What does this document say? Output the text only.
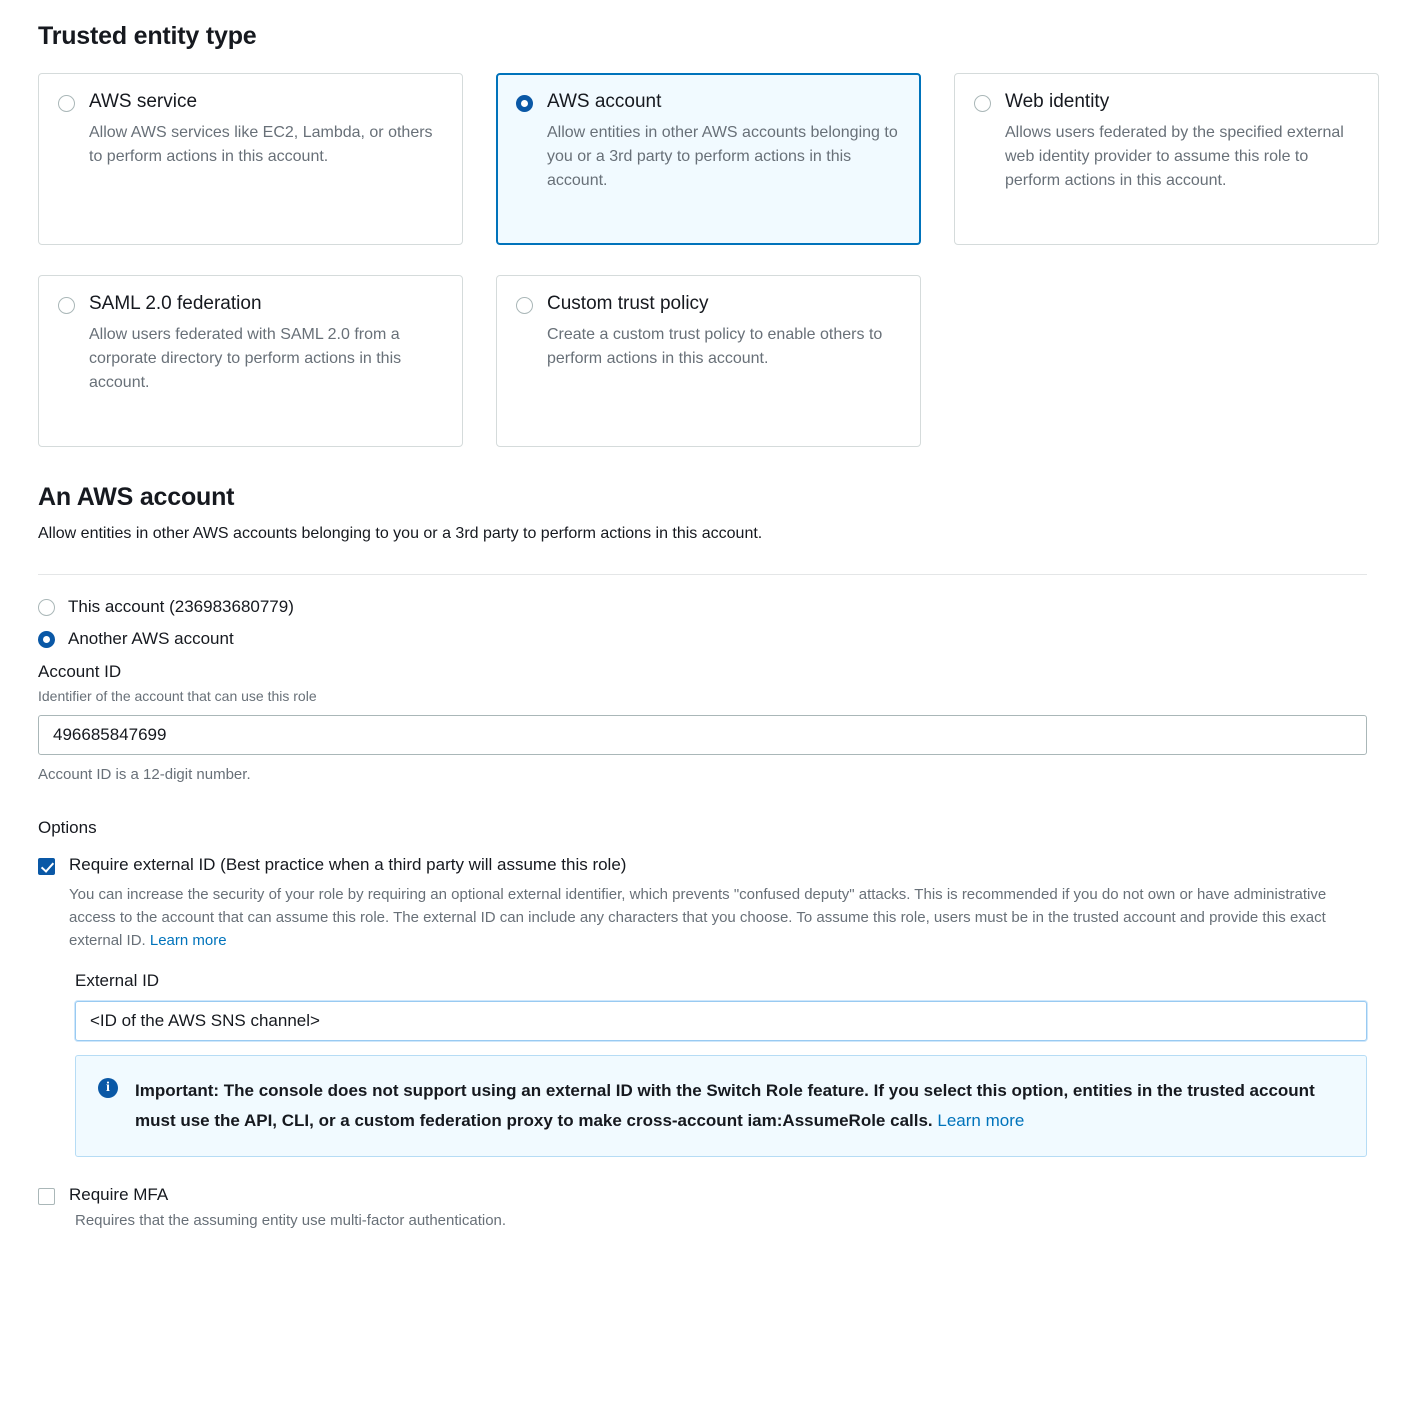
Trusted entity type
AWS service
Allow AWS services like EC2, Lambda, or others to perform actions in this account.
AWS account
Allow entities in other AWS accounts belonging to you or a 3rd party to perform actions in this account.
Web identity
Allows users federated by the specified external web identity provider to assume this role to perform actions in this account.
SAML 2.0 federation
Allow users federated with SAML 2.0 from a corporate directory to perform actions in this account.
Custom trust policy
Create a custom trust policy to enable others to perform actions in this account.
An AWS account
Allow entities in other AWS accounts belonging to you or a 3rd party to perform actions in this account.
This account (236983680779)
Another AWS account
Account ID
Identifier of the account that can use this role
496685847699
Account ID is a 12-digit number.
Options
Require external ID (Best practice when a third party will assume this role)
You can increase the security of your role by requiring an optional external identifier, which prevents "confused deputy" attacks. This is recommended if you do not own or have administrative access to the account that can assume this role. The external ID can include any characters that you choose. To assume this role, users must be in the trusted account and provide this exact external ID. Learn more
External ID
<ID of the AWS SNS channel>
i	Important: The console does not support using an external ID with the Switch Role feature. If you select this option, entities in the trusted account must use the API, CLI, or a custom federation proxy to make cross-account iam:AssumeRole calls. Learn more
Require MFA
Requires that the assuming entity use multi-factor authentication.
